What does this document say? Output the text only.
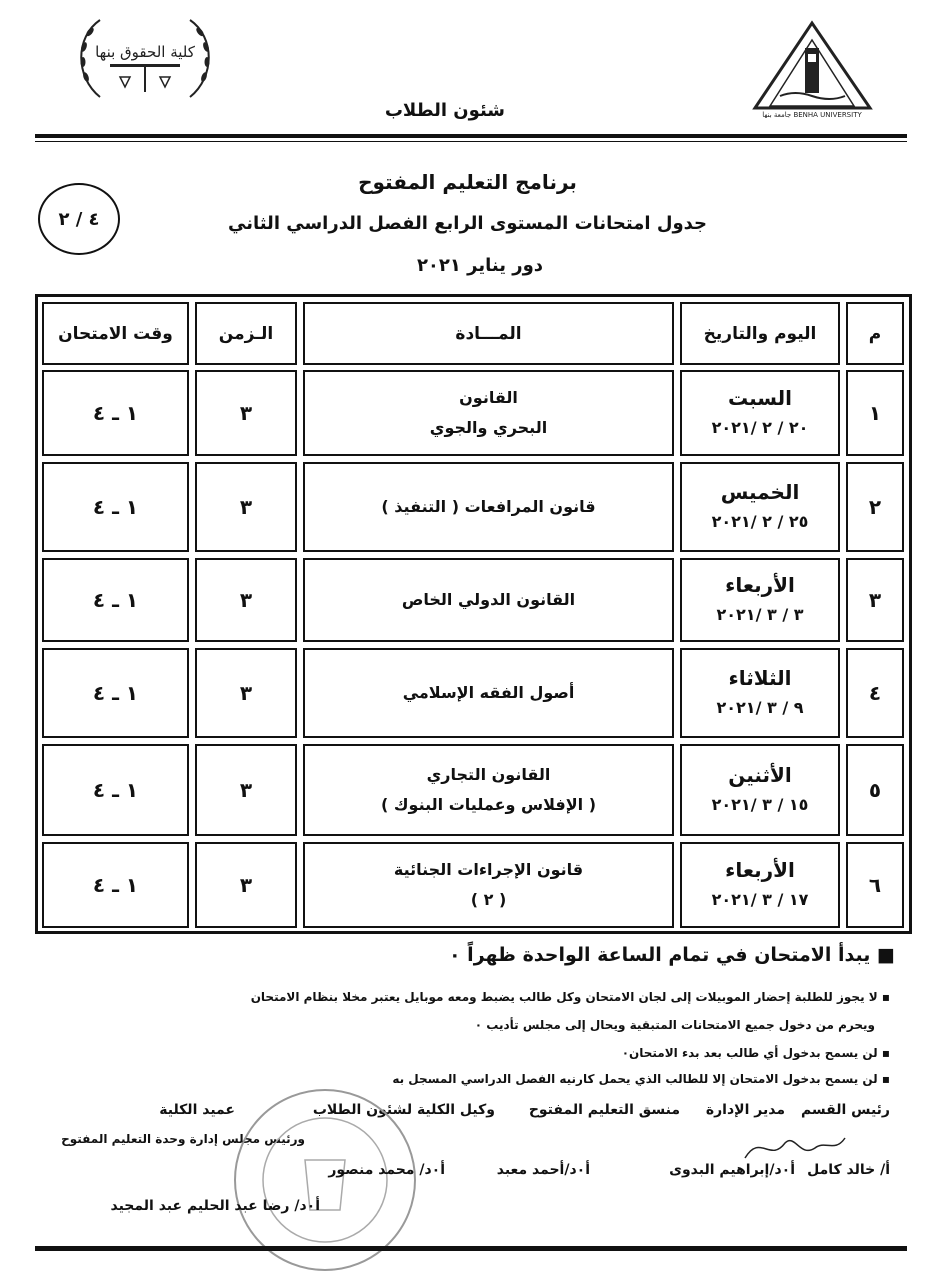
كلية الحقوق بنها
جامعة بنها BENHA UNIVERSITY
شئون الطلاب
برنامج التعليم المفتوح
جدول امتحانات المستوى الرابع الفصل الدراسي الثاني
دور يناير ٢٠٢١
٤ / ٢
م
اليوم والتاريخ
المـــادة
الـزمن
وقت الامتحان
١
السبت
٢٠ / ٢ /٢٠٢١
القانون
البحري والجوي
٣
١ ـ ٤
٢
الخميس
٢٥ / ٢ /٢٠٢١
قانون المرافعات ( التنفيذ )
٣
١ ـ ٤
٣
الأربعاء
٣ / ٣ /٢٠٢١
القانون الدولي الخاص
٣
١ ـ ٤
٤
الثلاثاء
٩ / ٣ /٢٠٢١
أصول الفقه الإسلامي
٣
١ ـ ٤
٥
الأثنين
١٥ / ٣ /٢٠٢١
القانون التجاري
( الإفلاس وعمليات البنوك )
٣
١ ـ ٤
٦
الأربعاء
١٧ / ٣ /٢٠٢١
قانون الإجراءات الجنائية
( ٢ )
٣
١ ـ ٤
■ يبدأ الامتحان في تمام الساعة الواحدة ظهراً ٠
▪ لا يجوز للطلبة إحضار الموبيلات إلى لجان الامتحان وكل طالب يضبط ومعه موبايل يعتبر مخلا بنظام الامتحان
ويحرم من دخول جميع الامتحانات المتبقية ويحال إلى مجلس تأديب ٠
▪ لن يسمح بدخول أي طالب بعد بدء الامتحان٠
▪ لن يسمح بدخول الامتحان إلا للطالب الذي يحمل كارنيه الفصل الدراسي المسجل به
رئيس القسم
مدير الإدارة
منسق التعليم المفتوح
وكيل الكلية لشئون الطلاب
عميد الكلية
ورئيس مجلس إدارة وحدة التعليم المفتوح
أ/ خالد كامل
أ٠د/إبراهيم البدوى
أ٠د/أحمد معبد
أ٠د/ محمد منصور
أ٠د/ رضا عبد الحليم عبد المجيد
